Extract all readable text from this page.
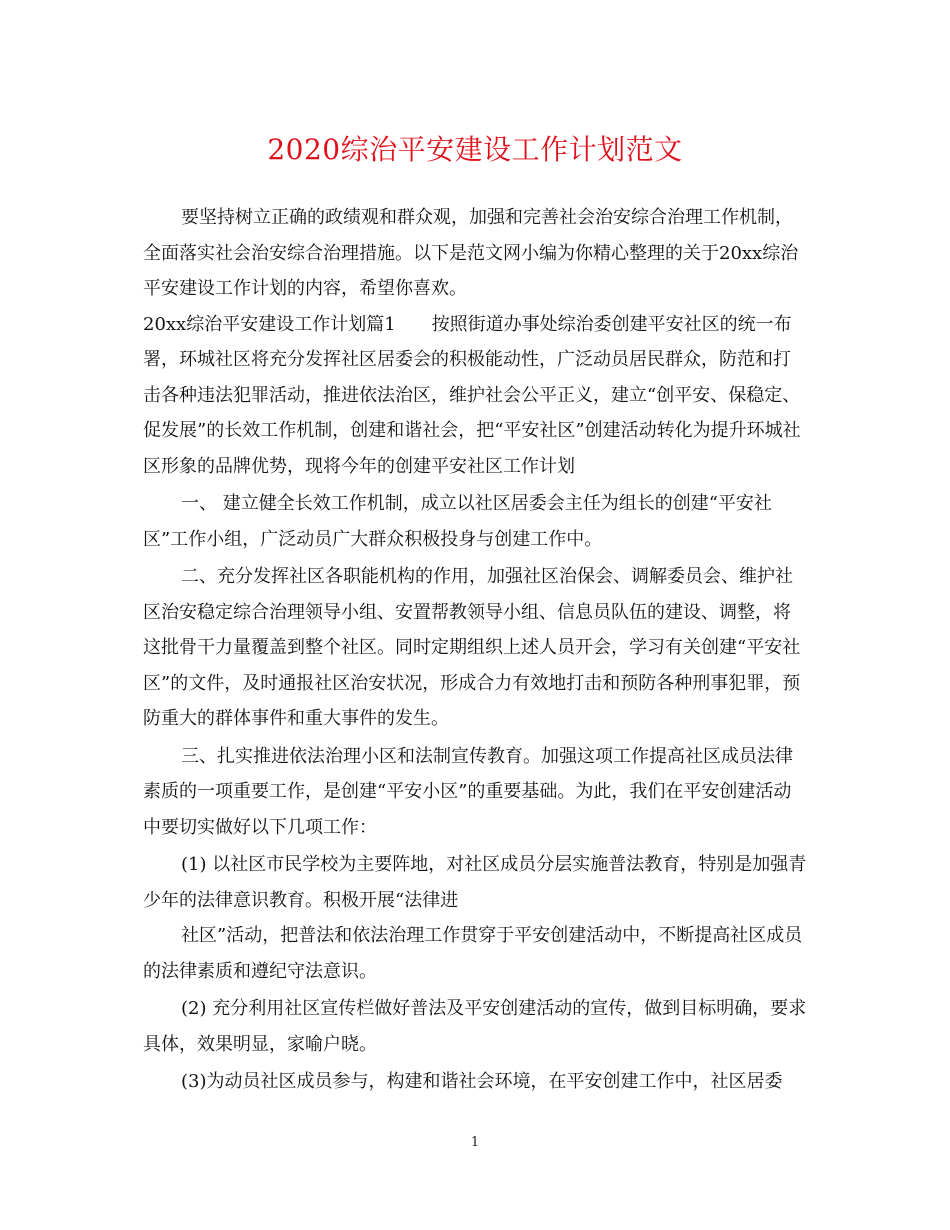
2020综治平安建设工作计划范文

要坚持树立正确的政绩观和群众观，加强和完善社会治安综合治理工作机制，全面落实社会治安综合治理措施。以下是范文网小编为你精心整理的关于20xx综治平安建设工作计划的内容，希望你喜欢。

20xx综治平安建设工作计划篇1　　按照街道办事处综治委创建平安社区的统一布署，环城社区将充分发挥社区居委会的积极能动性，广泛动员居民群众，防范和打击各种违法犯罪活动，推进依法治区，维护社会公平正义，建立“创平安、保稳定、促发展”的长效工作机制，创建和谐社会，把“平安社区”创建活动转化为提升环城社区形象的品牌优势，现将今年的创建平安社区工作计划

一、 建立健全长效工作机制，成立以社区居委会主任为组长的创建“平安社区”工作小组，广泛动员广大群众积极投身与创建工作中。

二、充分发挥社区各职能机构的作用，加强社区治保会、调解委员会、维护社区治安稳定综合治理领导小组、安置帮教领导小组、信息员队伍的建设、调整，将这批骨干力量覆盖到整个社区。同时定期组织上述人员开会，学习有关创建“平安社区”的文件，及时通报社区治安状况，形成合力有效地打击和预防各种刑事犯罪，预防重大的群体事件和重大事件的发生。

三、扎实推进依法治理小区和法制宣传教育。加强这项工作提高社区成员法律素质的一项重要工作，是创建“平安小区”的重要基础。为此，我们在平安创建活动中要切实做好以下几项工作：

(1) 以社区市民学校为主要阵地，对社区成员分层实施普法教育，特别是加强青少年的法律意识教育。积极开展“法律进

社区”活动，把普法和依法治理工作贯穿于平安创建活动中，不断提高社区成员的法律素质和遵纪守法意识。

(2) 充分利用社区宣传栏做好普法及平安创建活动的宣传，做到目标明确，要求具体，效果明显，家喻户晓。

(3)为动员社区成员参与，构建和谐社会环境，在平安创建工作中，社区居委

1
